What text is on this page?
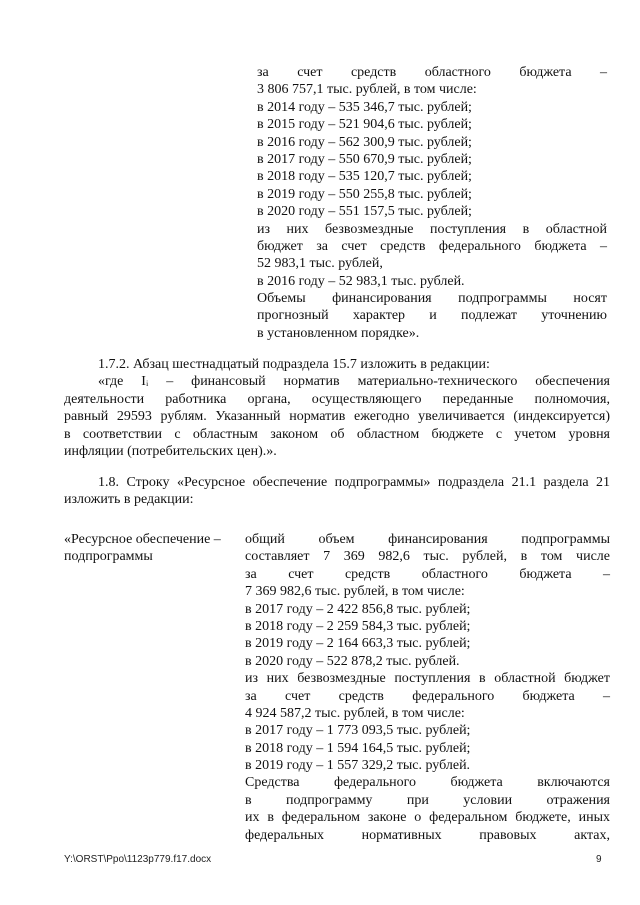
за счет средств областного бюджета –
3 806 757,1 тыс. рублей, в том числе:
в 2014 году – 535 346,7 тыс. рублей;
в 2015 году – 521 904,6 тыс. рублей;
в 2016 году – 562 300,9 тыс. рублей;
в 2017 году – 550 670,9 тыс. рублей;
в 2018 году – 535 120,7 тыс. рублей;
в 2019 году – 550 255,8 тыс. рублей;
в 2020 году – 551 157,5 тыс. рублей;
из них безвозмездные поступления в областной
бюджет за счет средств федерального бюджета –
52 983,1 тыс. рублей,
в 2016 году – 52 983,1 тыс. рублей.
Объемы финансирования подпрограммы носят
прогнозный характер и подлежат уточнению
в установленном порядке».
1.7.2. Абзац шестнадцатый подраздела 15.7 изложить в редакции:
«где Iᵢ – финансовый норматив материально-технического обеспечения
деятельности работника органа, осуществляющего переданные полномочия,
равный 29593 рублям. Указанный норматив ежегодно увеличивается (индексируется)
в соответствии с областным законом об областном бюджете с учетом уровня
инфляции (потребительских цен).».
1.8. Строку «Ресурсное обеспечение подпрограммы» подраздела 21.1 раздела 21
изложить в редакции:
«Ресурсное обеспечение –
подпрограммы
общий объем финансирования подпрограммы
составляет 7 369 982,6 тыс. рублей, в том числе
за счет средств областного бюджета –
7 369 982,6 тыс. рублей, в том числе:
в 2017 году – 2 422 856,8 тыс. рублей;
в 2018 году – 2 259 584,3 тыс. рублей;
в 2019 году – 2 164 663,3 тыс. рублей;
в 2020 году – 522 878,2 тыс. рублей.
из них безвозмездные поступления в областной бюджет
за счет средств федерального бюджета –
4 924 587,2 тыс. рублей, в том числе:
в 2017 году – 1 773 093,5 тыс. рублей;
в 2018 году – 1 594 164,5 тыс. рублей;
в 2019 году – 1 557 329,2 тыс. рублей.
Средства федерального бюджета включаются
в подпрограмму при условии отражения
их в федеральном законе о федеральном бюджете, иных
федеральных нормативных правовых актах,
Y:\ORST\Ppo\1123p779.f17.docx	9
